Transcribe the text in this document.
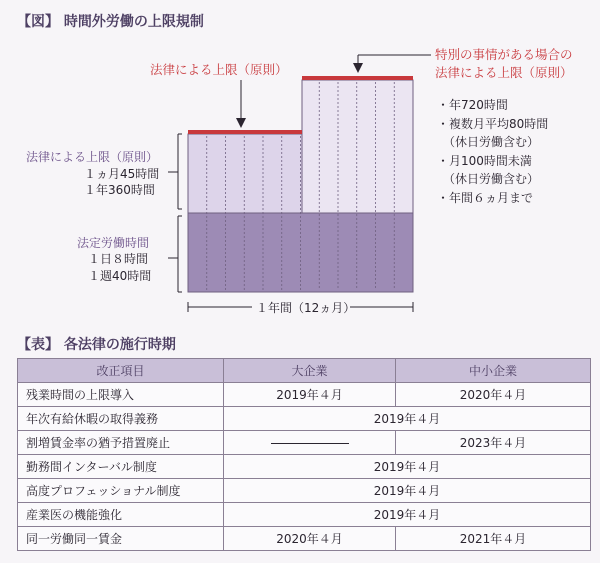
【図】 時間外労働の上限規制
法律による上限（原則）
特別の事情がある場合の
法律による上限（原則）
・年720時間
・複数月平均80時間
（休日労働含む）
・月100時間未満
（休日労働含む）
・年間６ヵ月まで
法律による上限（原則）
１ヵ月45時間
１年360時間
法定労働時間
１日８時間
１週40時間
１年間（12ヵ月）
【表】 各法律の施行時期
改正項目	大企業	中小企業
残業時間の上限導入	2019年４月	2020年４月
年次有給休暇の取得義務	2019年４月	
割増賃金率の猶予措置廃止		2023年４月
勤務間インターバル制度	2019年４月	
高度プロフェッショナル制度	2019年４月	
産業医の機能強化	2019年４月	
同一労働同一賃金	2020年４月	2021年４月
